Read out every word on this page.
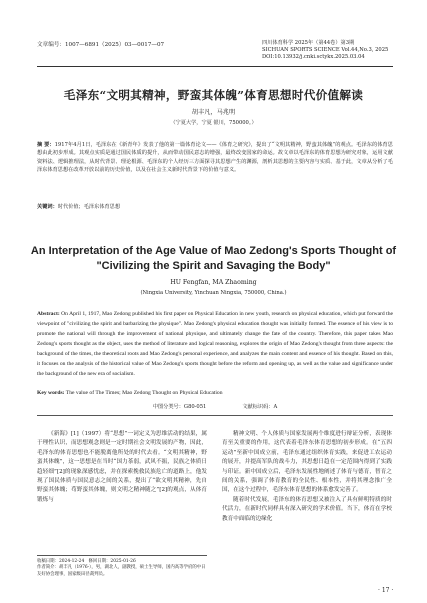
文章编号：1007—6891（2025）03—0017—07	四川体育科学 2025年（第44卷）第3期
SICHUAN SPORTS SCIENCE Vol.44,No.3, 2025
DOI:10.13932/j.cnki.sctykx.2025.03.04
毛泽东“文明其精神，野蛮其体魄”体育思想时代价值解读
胡丰凡，马兆明
（宁夏大学，宁夏 银川，750000。）
摘 要：1917年4月1日，毛泽东在《新青年》发表了他的第一篇体育论文——《体育之研究》，提出了“文明其精神，野蛮其体魄”的观点。毛泽东的体育思想由此初步形成。其观点实质是通过国民体质的提升，从而带动国民意志的增强，最终改变国家的命运。故文章以毛泽东的体育思想为研究对象，运用文献资料法、逻辑推理法，从时代背景、理论根源、毛泽东的个人经历三方面探寻其思想产生的渊源，剖析其思想的主要内容与实质、基于此，文章从分析了毛泽东体育思想在改革开放以前的历史价值，以及在社会主义新时代背景下的价值与意义。
关键词：时代价值；毛泽东体育思想
An Interpretation of the Age Value of Mao Zedong's Sports Thought of
"Civilizing the Spirit and Savaging the Body"
HU Fengfan, MA Zhaoming
(Ningxia University, Yinchuan Ningxia, 750000, China.)
Abstract: On April 1, 1917, Mao Zedong published his first paper on Physical Education in new youth, research on physical education, which put forward the viewpoint of "civilizing the spirit and barbarizing the physique". Mao Zedong's physical education thought was initially formed. The essence of his view is to promote the national will through the improvement of national physique, and ultimately change the fate of the country. Therefore, this paper takes Mao Zedong's sports thought as the object, uses the method of literature and logical reasoning, explores the origin of Mao Zedong's thought from three aspects: the background of the times, the theoretical roots and Mao Zedong's personal experience, and analyzes the main content and essence of his thought. Based on this, it focuses on the analysis of the historical value of Mao Zedong's sports thought before the reform and opening up, as well as the value and significance under the background of the new era of socialism.
Key words: The value of The Times; Mao Zedong Thought on Physical Education
中图分类号：G80-051	文献标识码：A

《新海》[1]（1997）将“思想”一词定义为思维活动的结果，属于理性认识，而思想观念则是一定时期社会文明发展的产物，因此，毛泽东的体育思想也不能脱离他所处的时代去看。“文明其精神，野蛮其体魄”，这一思想是在当时“国力茶弱，武风不振，民族之体质日趋轻细”[2]的现象深感忧虑，并在探索挽救民族危亡的道路上，他发现了国民体质与国民意志之间的关系，提出了“欲文明其精神，先自野蛮其体魄；苟野蛮其体魄，则文明之精神随之”[2]的观点，从体育锻炼与

精神文明、个人体质与国家发展两个维度进行辩证分析，表现体育至关重要的作用，这代表着毛泽东体育思想的初步形成。在“五四运动”至新中国成立前，毛泽东通过组织体育实践，来促进工农运动的展开，并提高军队的战斗力，其思想日趋在一定范围内得到了实践与印证。新中国成立后，毛泽东发展性地阐述了体育与德育，智育之间的关系，强调了体育教育的全民性、根本性，并将其理念推广全国，在这个过程中，毛泽东体育思想的体系愈发完善了。

随着时代发展，毛泽东的体育思想又被注入了具有鲜明特质的时代活力，在新时代同样具有深入研究的学术价值。当下，体育在学校教育中面临的边缘化

收稿日期：2024-12-24 修回日期：2025-01-26
作者简介：胡丰凡（1976-），男，湖北人，副教授，硕士生导师，国内高等学府的中日友好协会理事，国家级田径裁判员。
· 17 ·
